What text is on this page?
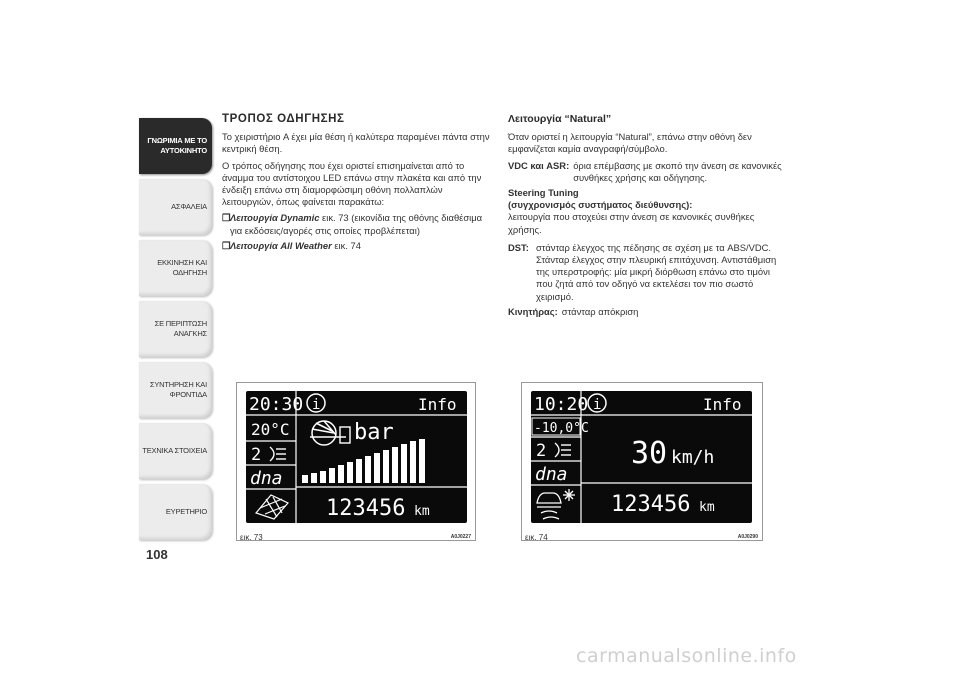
ΓΝΩΡΙΜΙΑ ΜΕ ΤΟ ΑΥΤΟΚΙΝΗΤΟ
ΑΣΦΑΛΕΙΑ
ΕΚΚΙΝΗΣΗ ΚΑΙ ΟΔΗΓΗΣΗ
ΣΕ ΠΕΡΙΠΤΩΣΗ ΑΝΑΓΚΗΣ
ΣΥΝΤΗΡΗΣΗ ΚΑΙ ΦΡΟΝΤΙΔΑ
ΤΕΧΝΙΚΑ ΣΤΟΙΧΕΙΑ
ΕΥΡΕΤΗΡΙΟ
108
ΤΡΟΠΟΣ ΟΔΗΓΗΣΗΣ

Το χειριστήριο A έχει μία θέση ή καλύτερα παραμένει πάντα στην κεντρική θέση.

Ο τρόπος οδήγησης που έχει οριστεί επισημαίνεται από το άναμμα του αντίστοιχου LED επάνω στην πλακέτα και από την ένδειξη επάνω στη διαμορφώσιμη οθόνη πολλαπλών λειτουργιών, όπως φαίνεται παρακάτω:

❒ Λειτουργία Dynamic εικ. 73 (εικονίδια της οθόνης διαθέσιμα για εκδόσεις/αγορές στις οποίες προβλέπεται)
❒ Λειτουργία All Weather εικ. 74
Λειτουργία “Natural”

Όταν οριστεί η λειτουργία “Natural”, επάνω στην οθόνη δεν εμφανίζεται καμία αναγραφή/σύμβολο.

VDC και ASR: όρια επέμβασης με σκοπό την άνεση σε κανονικές συνθήκες χρήσης και οδήγησης.
Steering Tuning
(συγχρονισμός συστήματος διεύθυνσης):

λειτουργία που στοχεύει στην άνεση σε κανονικές συνθήκες χρήσης.

DST: στάνταρ έλεγχος της πέδησης σε σχέση με τα ABS/VDC. Στάνταρ έλεγχος στην πλευρική επιτάχυνση. Αντιστάθμιση της υπερστροφής: μία μικρή διόρθωση επάνω στο τιμόνι που ζητά από τον οδηγό να εκτελέσει τον πιο σωστό χειρισμό.
Κινητήρας: στάνταρ απόκριση
20:30 i	Info
20°C
2
dna
bar
123456 km
εικ. 73	A0J0227
10:20 i	Info
-10,0°C
2
dna
30 km/h
123456 km
εικ. 74	A0J0290
carmanualsonline.info
